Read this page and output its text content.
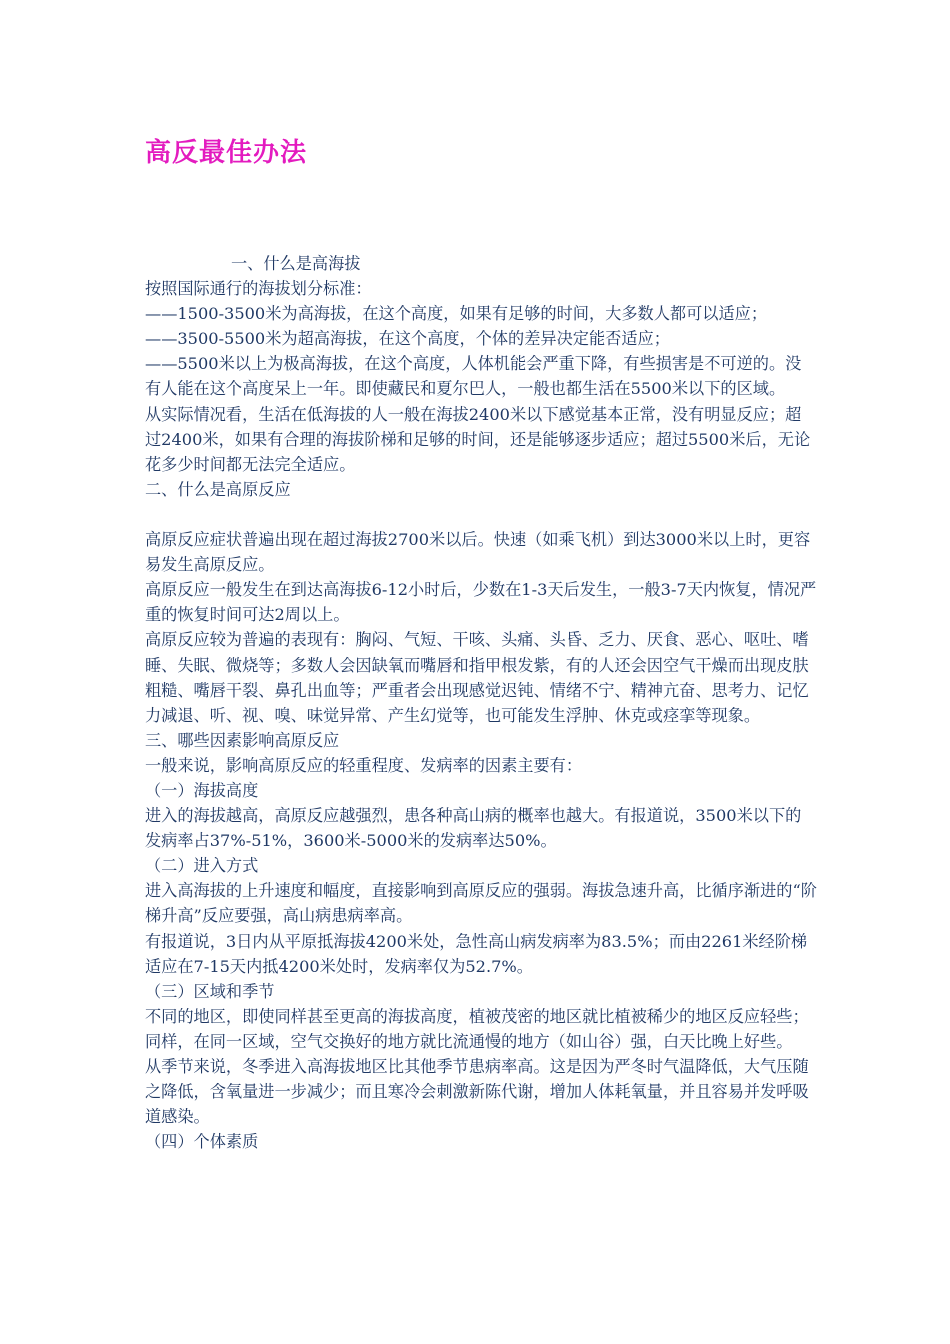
高反最佳办法

一、什么是高海拔

按照国际通行的海拔划分标准：

——1500-3500米为高海拔，在这个高度，如果有足够的时间，大多数人都可以适应；

——3500-5500米为超高海拔，在这个高度，个体的差异决定能否适应；

——5500米以上为极高海拔，在这个高度，人体机能会严重下降，有些损害是不可逆的。没有人能在这个高度呆上一年。即使藏民和夏尔巴人，一般也都生活在5500米以下的区域。

从实际情况看，生活在低海拔的人一般在海拔2400米以下感觉基本正常，没有明显反应；超过2400米，如果有合理的海拔阶梯和足够的时间，还是能够逐步适应；超过5500米后，无论花多少时间都无法完全适应。

二、什么是高原反应

高原反应症状普遍出现在超过海拔2700米以后。快速（如乘飞机）到达3000米以上时，更容易发生高原反应。

高原反应一般发生在到达高海拔6-12小时后，少数在1-3天后发生，一般3-7天内恢复，情况严重的恢复时间可达2周以上。

高原反应较为普遍的表现有：胸闷、气短、干咳、头痛、头昏、乏力、厌食、恶心、呕吐、嗜睡、失眠、微烧等；多数人会因缺氧而嘴唇和指甲根发紫，有的人还会因空气干燥而出现皮肤粗糙、嘴唇干裂、鼻孔出血等；严重者会出现感觉迟钝、情绪不宁、精神亢奋、思考力、记忆力减退、听、视、嗅、味觉异常、产生幻觉等，也可能发生浮肿、休克或痉挛等现象。

三、哪些因素影响高原反应

一般来说，影响高原反应的轻重程度、发病率的因素主要有：

（一）海拔高度

进入的海拔越高，高原反应越强烈，患各种高山病的概率也越大。有报道说，3500米以下的发病率占37%-51%，3600米-5000米的发病率达50%。

（二）进入方式

进入高海拔的上升速度和幅度，直接影响到高原反应的强弱。海拔急速升高，比循序渐进的“阶梯升高”反应要强，高山病患病率高。

有报道说，3日内从平原抵海拔4200米处，急性高山病发病率为83.5%；而由2261米经阶梯适应在7-15天内抵4200米处时，发病率仅为52.7%。

（三）区域和季节

不同的地区，即使同样甚至更高的海拔高度，植被茂密的地区就比植被稀少的地区反应轻些；同样，在同一区域，空气交换好的地方就比流通慢的地方（如山谷）强，白天比晚上好些。

从季节来说，冬季进入高海拔地区比其他季节患病率高。这是因为严冬时气温降低，大气压随之降低，含氧量进一步减少；而且寒冷会刺激新陈代谢，增加人体耗氧量，并且容易并发呼吸道感染。

（四）个体素质
